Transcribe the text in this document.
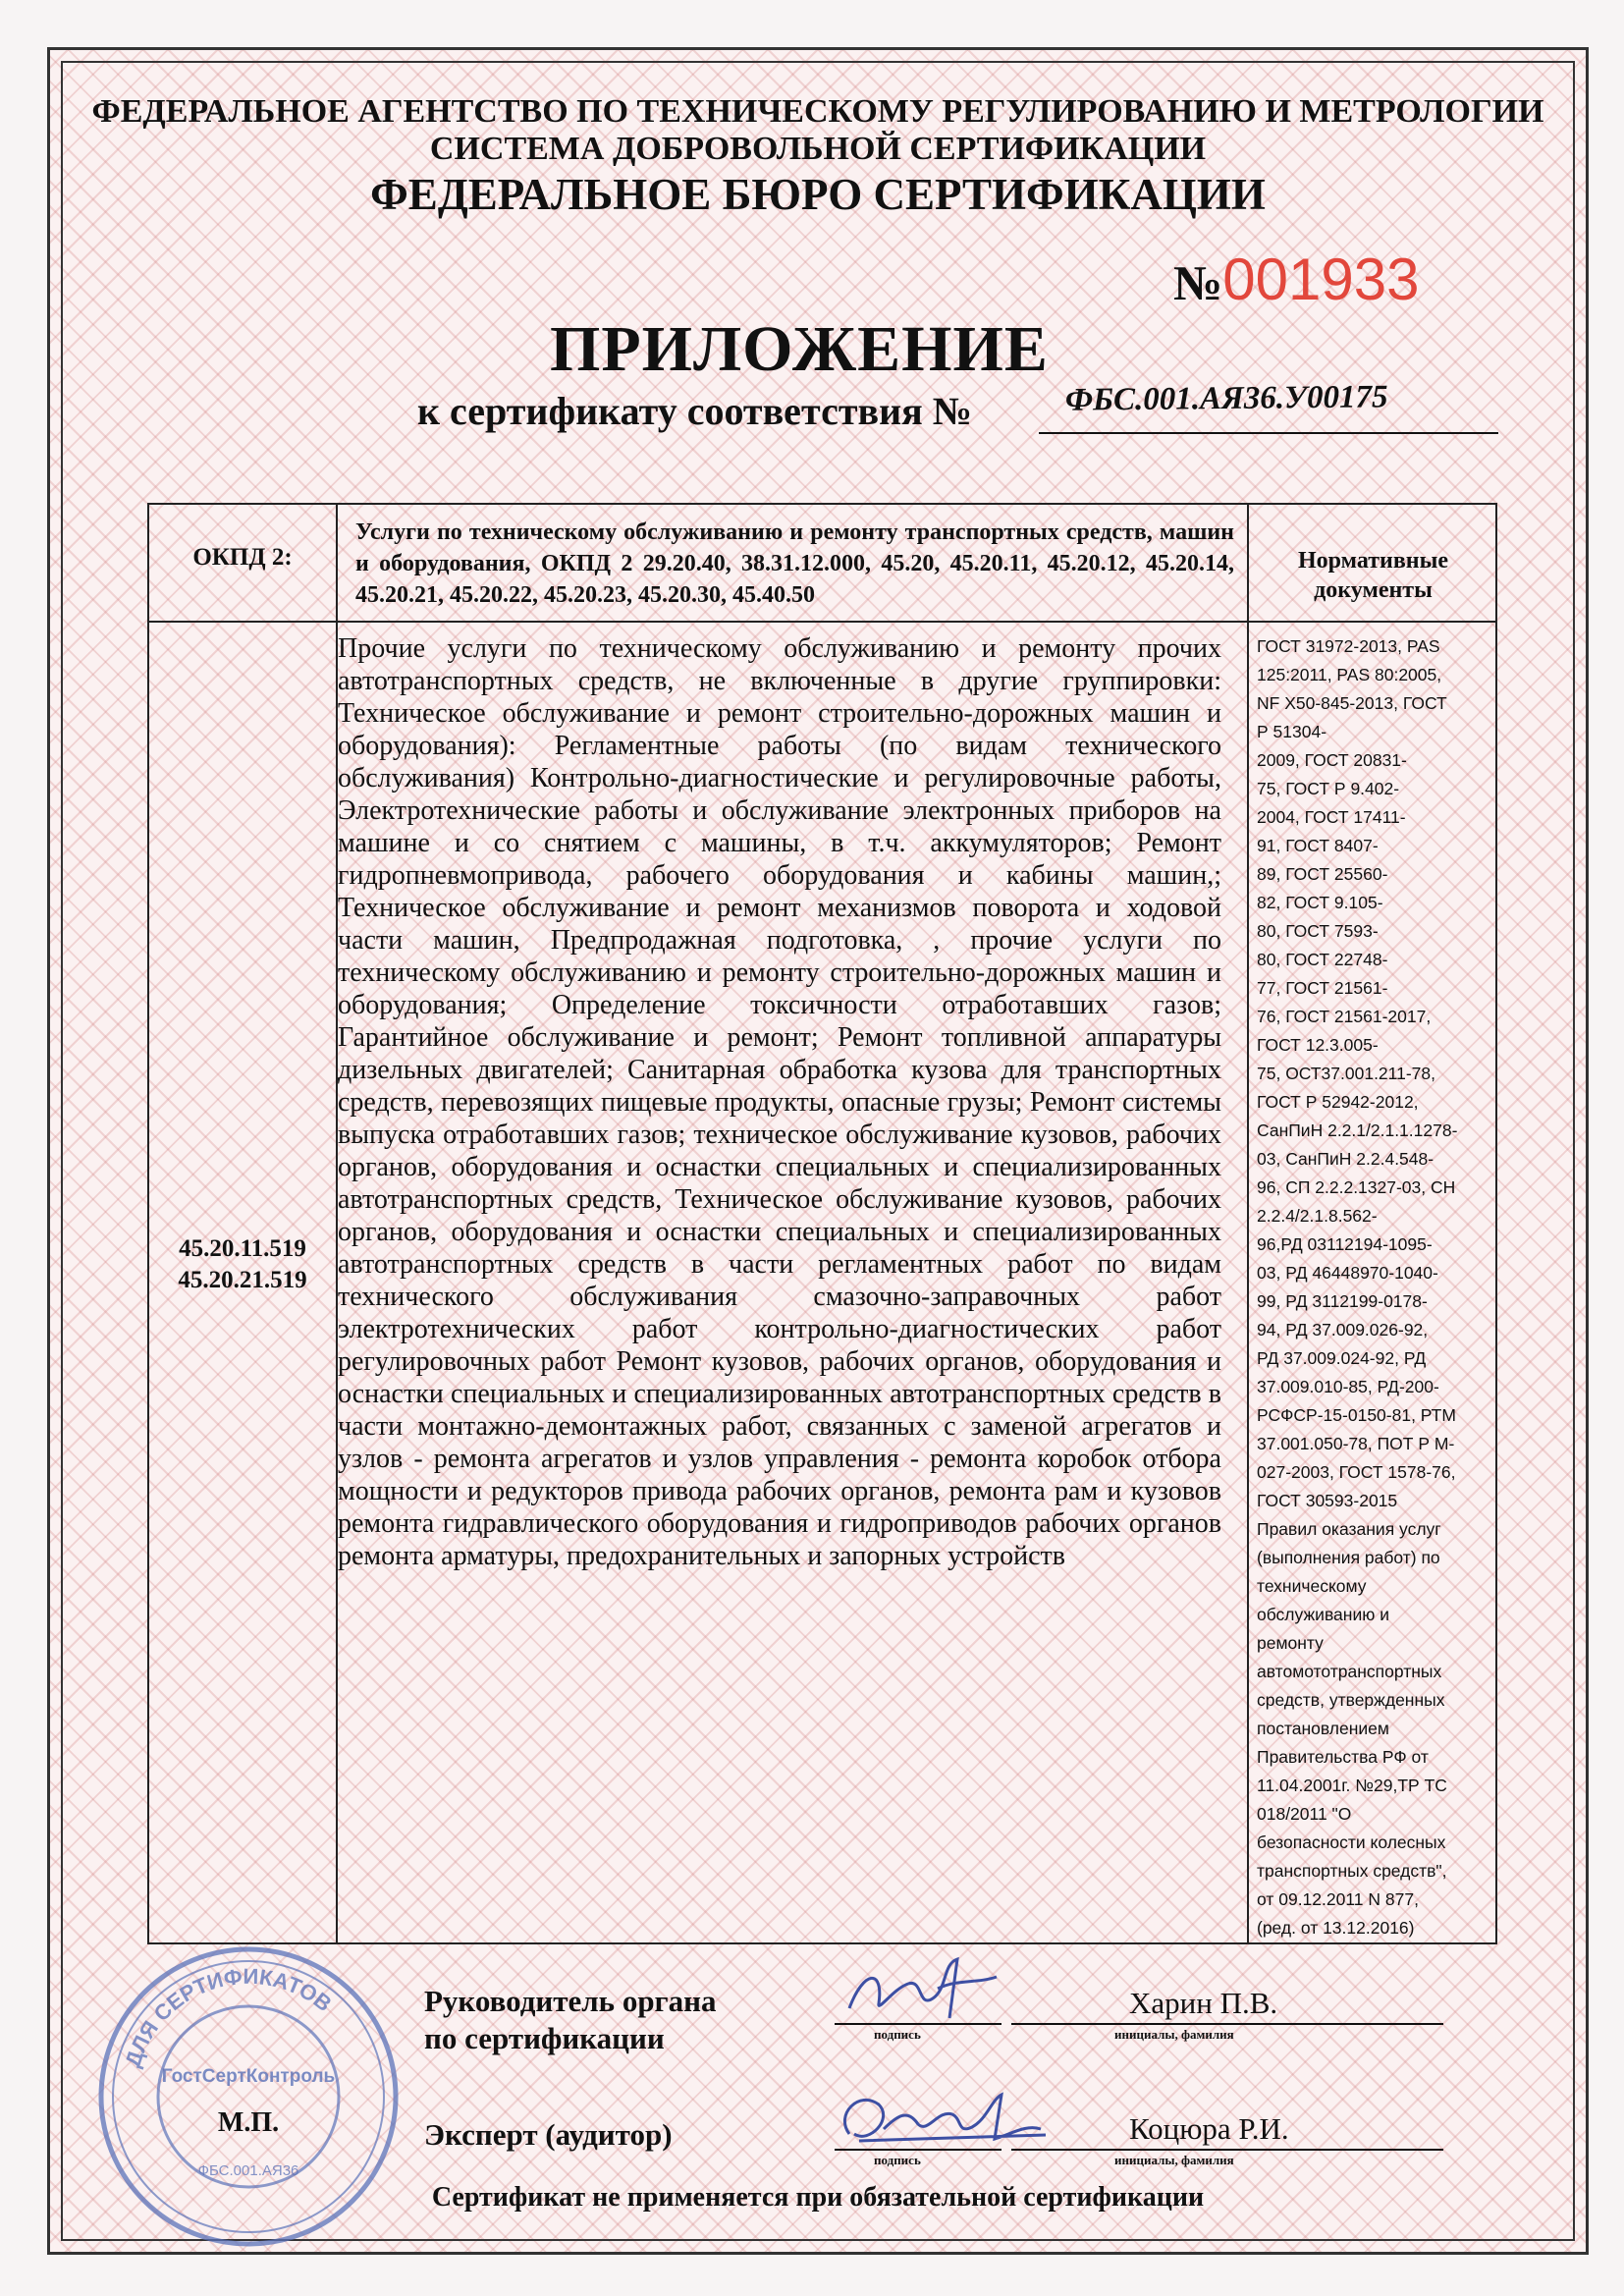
ФЕДЕРАЛЬНОЕ АГЕНТСТВО ПО ТЕХНИЧЕСКОМУ РЕГУЛИРОВАНИЮ И МЕТРОЛОГИИ
СИСТЕМА ДОБРОВОЛЬНОЙ СЕРТИФИКАЦИИ
ФЕДЕРАЛЬНОЕ БЮРО СЕРТИФИКАЦИИ
№001933
ПРИЛОЖЕНИЕ
к сертификату соответствия №	ФБС.001.АЯ36.У00175
ОКПД 2:
Услуги по техническому обслуживанию и ремонту транспортных средств, машин и оборудования, ОКПД 2 29.20.40, 38.31.12.000, 45.20, 45.20.11, 45.20.12, 45.20.14, 45.20.21, 45.20.22, 45.20.23, 45.20.30, 45.40.50
Нормативные документы
45.20.11.519
45.20.21.519
Прочие услуги по техническому обслуживанию и ремонту прочих автотранспортных средств, не включенные в другие группировки: Техническое обслуживание и ремонт строительно-дорожных машин и оборудования): Регламентные работы (по видам технического обслуживания) Контрольно-диагностические и регулировочные работы, Электротехнические работы и обслуживание электронных приборов на машине и со снятием с машины, в т.ч. аккумуляторов; Ремонт гидропневмопривода, рабочего оборудования и кабины машин,; Техническое обслуживание и ремонт механизмов поворота и ходовой части машин, Предпродажная подготовка, , прочие услуги по техническому обслуживанию и ремонту строительно-дорожных машин и оборудования; Определение токсичности отработавших газов; Гарантийное обслуживание и ремонт; Ремонт топливной аппаратуры дизельных двигателей; Санитарная обработка кузова для транспортных средств, перевозящих пищевые продукты, опасные грузы; Ремонт системы выпуска отработавших газов; техническое обслуживание кузовов, рабочих органов, оборудования и оснастки специальных и специализированных автотранспортных средств, Техническое обслуживание кузовов, рабочих органов, оборудования и оснастки специальных и специализированных автотранспортных средств в части регламентных работ по видам технического обслуживания смазочно-заправочных работ электротехнических работ контрольно-диагностических работ регулировочных работ Ремонт кузовов, рабочих органов, оборудования и оснастки специальных и специализированных автотранспортных средств в части монтажно-демонтажных работ, связанных с заменой агрегатов и узлов - ремонта агрегатов и узлов управления - ремонта коробок отбора мощности и редукторов привода рабочих органов, ремонта рам и кузовов ремонта гидравлического оборудования и гидроприводов рабочих органов ремонта арматуры, предохранительных и запорных устройств
ГОСТ 31972-2013, PAS
125:2011, PAS 80:2005,
NF X50-845-2013, ГОСТ
Р 51304-
2009, ГОСТ 20831-
75, ГОСТ Р 9.402-
2004, ГОСТ 17411-
91, ГОСТ 8407-
89, ГОСТ 25560-
82, ГОСТ 9.105-
80, ГОСТ 7593-
80, ГОСТ 22748-
77, ГОСТ 21561-
76, ГОСТ 21561-2017,
ГОСТ 12.3.005-
75, ОСТ37.001.211-78,
ГОСТ Р 52942-2012,
СанПиН 2.2.1/2.1.1.1278-
03, СанПиН 2.2.4.548-
96, СП 2.2.2.1327-03, СН
2.2.4/2.1.8.562-
96,РД 03112194-1095-
03, РД 46448970-1040-
99, РД 3112199-0178-
94, РД 37.009.026-92,
РД 37.009.024-92, РД
37.009.010-85, РД-200-
РСФСР-15-0150-81, РТМ
37.001.050-78, ПОТ Р М-
027-2003, ГОСТ 1578-76,
ГОСТ 30593-2015
Правил оказания услуг
(выполнения работ) по
техническому
обслуживанию и
ремонту
автомототранспортных
средств, утвержденных
постановлением
Правительства РФ от
11.04.2001г. №29,ТР ТС
018/2011 "О
безопасности колесных
транспортных средств",
от 09.12.2011 N 877,
(ред. от 13.12.2016)
ДЛЯ СЕРТИФИКАТОВ
ГостСертКонтроль
М.П.
ФБС.001.АЯ36
Руководитель органа
по сертификации	подпись
Харин П.В.
инициалы, фамилия
Эксперт (аудитор)
подпись
Коцюра Р.И.
инициалы, фамилия
Сертификат не применяется при обязательной сертификации
